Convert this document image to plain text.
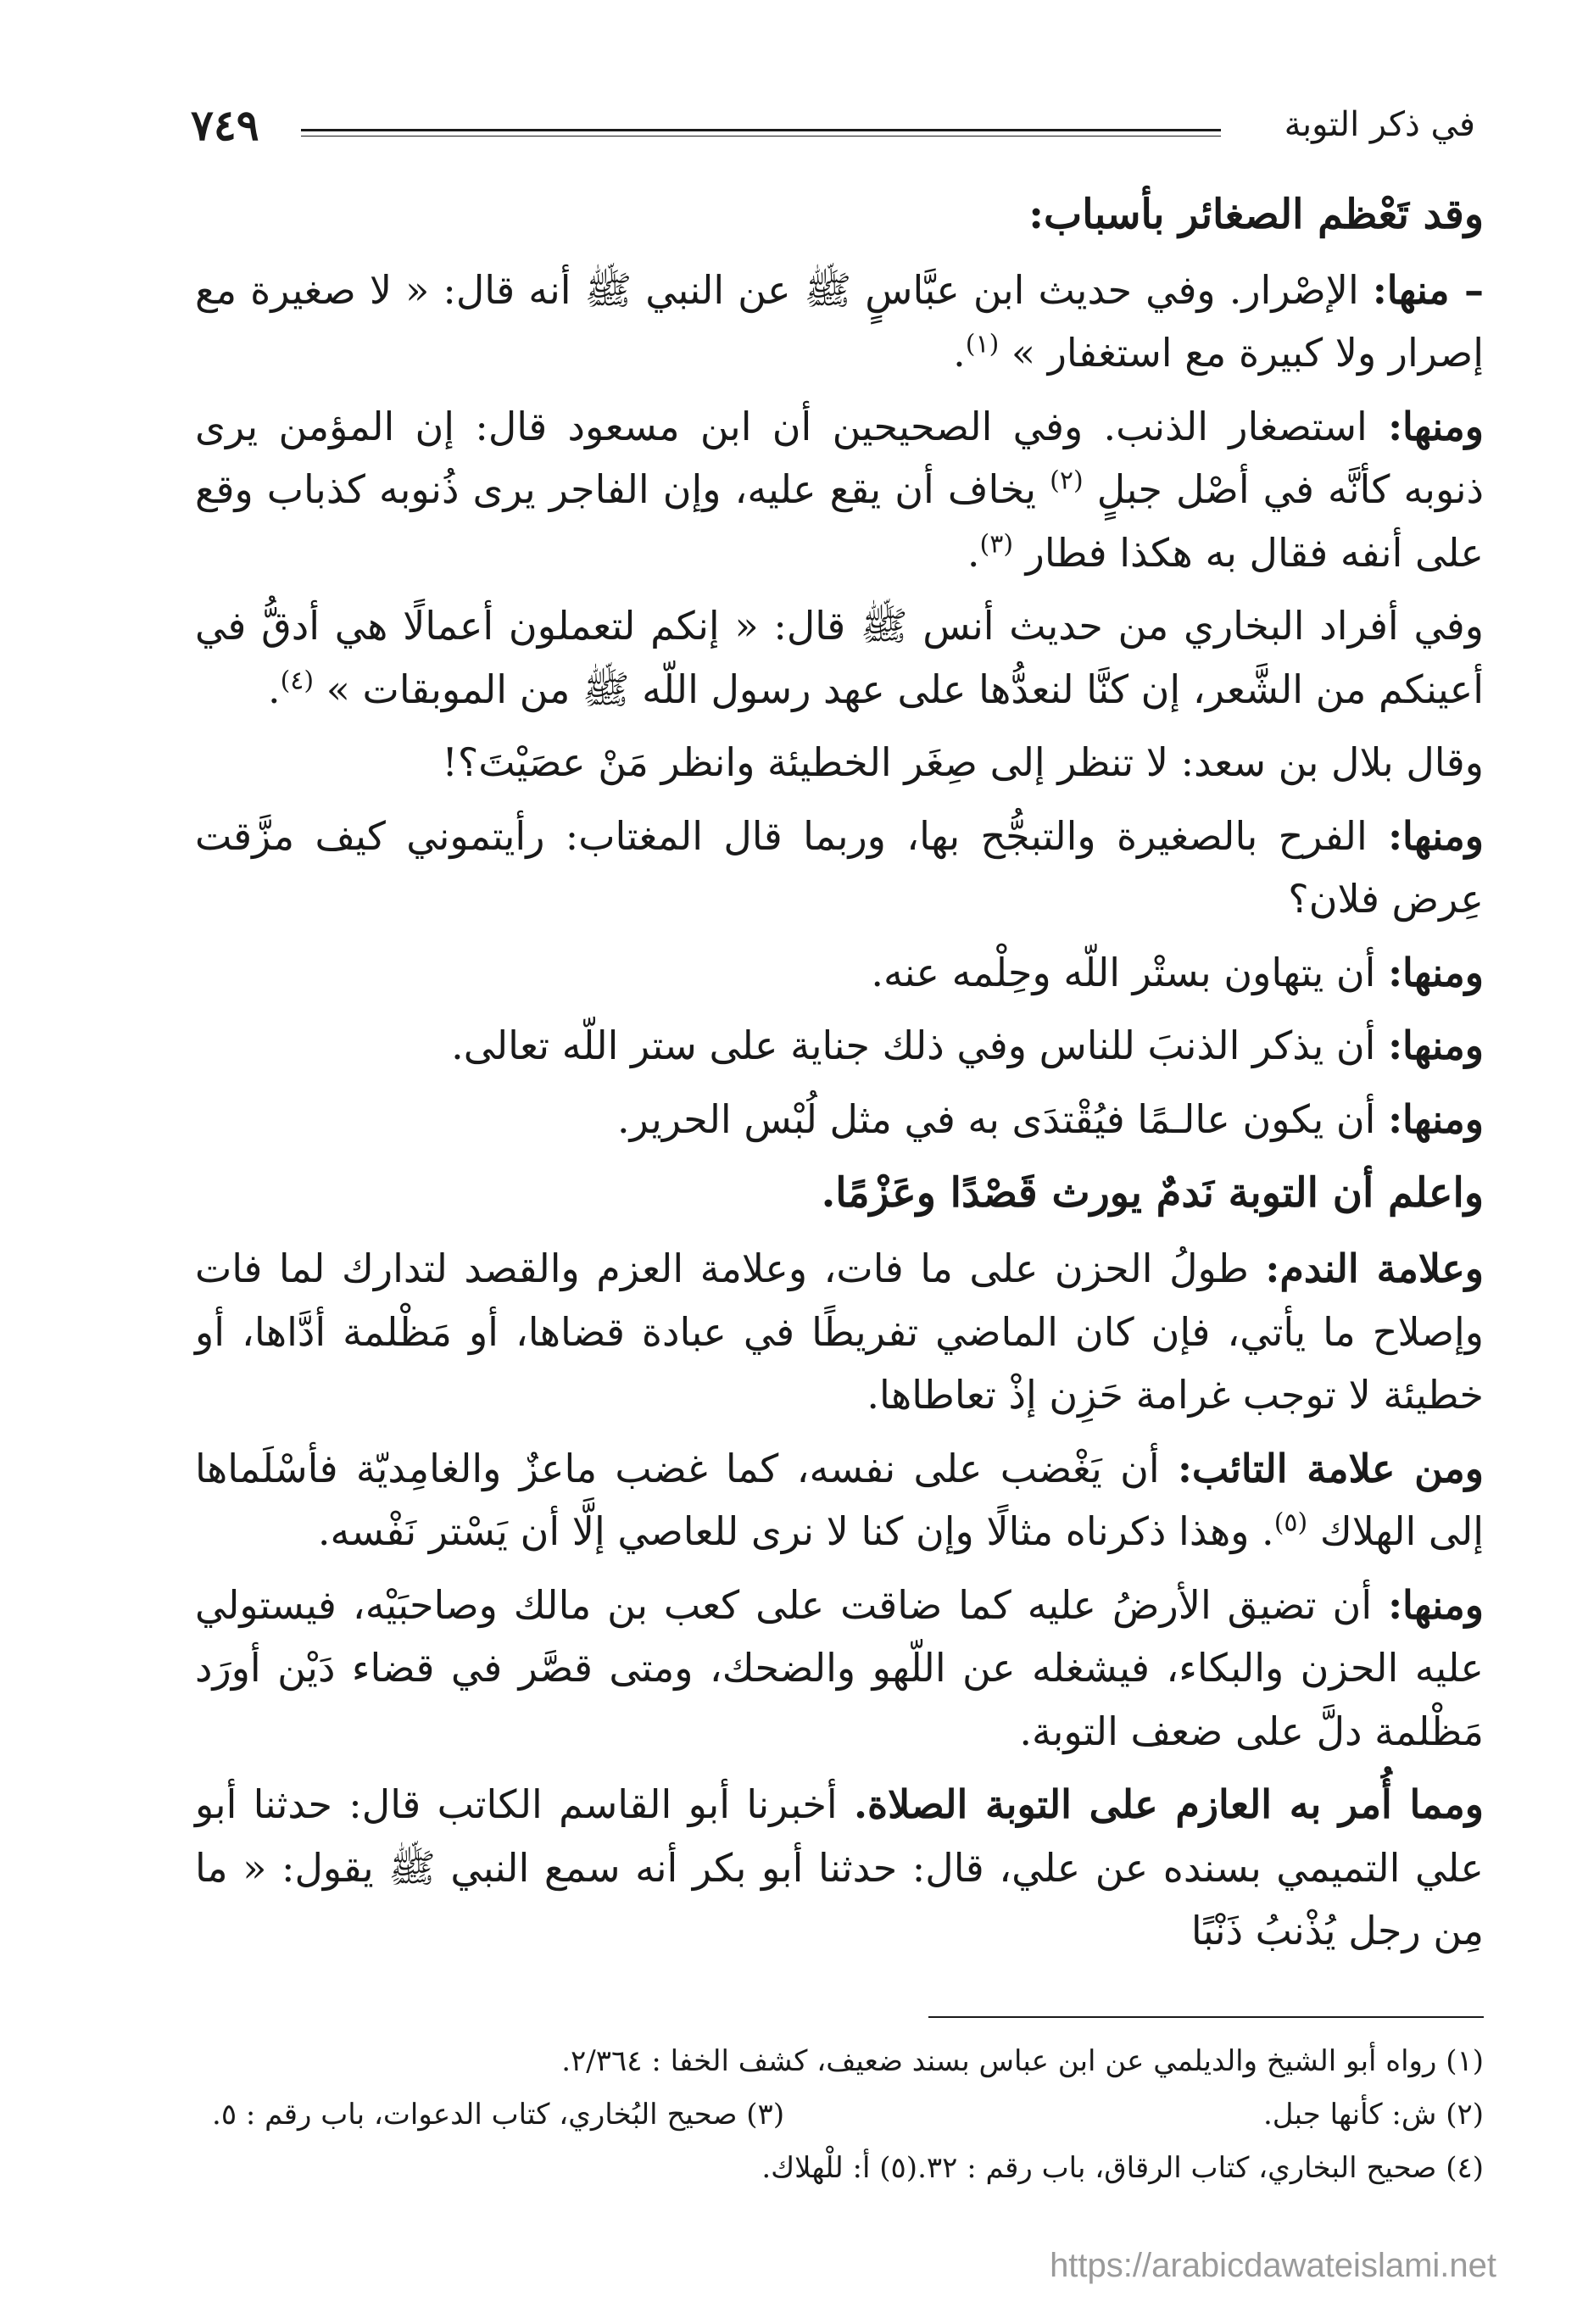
٧٤٩	في ذكر التوبة

وقد تَعْظم الصغائر بأسباب:

– منها: الإصْرار. وفي حديث ابن عبَّاسٍ ﷺ عن النبي ﷺ أنه قال: « لا صغيرة مع إصرار ولا كبيرة مع استغفار » $^{(١)}$.

ومنها: استصغار الذنب. وفي الصحيحين أن ابن مسعود قال: إن المؤمن يرى ذنوبه كأنَّه في أصْل جبلٍ $^{(٢)}$ يخاف أن يقع عليه، وإن الفاجر يرى ذُنوبه كذباب وقع على أنفه فقال به هكذا فطار $^{(٣)}$.

وفي أفراد البخاري من حديث أنس ﷺ قال: « إنكم لتعملون أعمالًا هي أدقُّ في أعينكم من الشَّعر، إن كنَّا لنعدُّها على عهد رسول اللّه ﷺ من الموبقات » $^{(٤)}$.

وقال بلال بن سعد: لا تنظر إلى صِغَر الخطيئة وانظر مَنْ عصَيْتَ؟!

ومنها: الفرح بالصغيرة والتبجُّح بها، وربما قال المغتاب: رأيتموني كيف مزَّقت عِرض فلان؟

ومنها: أن يتهاون بستْر اللّه وحِلْمه عنه.

ومنها: أن يذكر الذنبَ للناس وفي ذلك جناية على ستر اللّه تعالى.

ومنها: أن يكون عالـمًا فيُقْتدَى به في مثل لُبْس الحرير.

واعلم أن التوبة نَدمٌ يورث قَصْدًا وعَزْمًا.

وعلامة الندم: طولُ الحزن على ما فات، وعلامة العزم والقصد لتدارك لما فات وإصلاح ما يأتي، فإن كان الماضي تفريطًا في عبادة قضاها، أو مَظْلمة أدَّاها، أو خطيئة لا توجب غرامة حَزِن إذْ تعاطاها.

ومن علامة التائب: أن يَغْضب على نفسه، كما غضب ماعزٌ والغامِديّة فأسْلَماها إلى الهلاك $^{(٥)}$. وهذا ذكرناه مثالًا وإن كنا لا نرى للعاصي إلَّا أن يَسْتر نَفْسه.

ومنها: أن تضيق الأرضُ عليه كما ضاقت على كعب بن مالك وصاحبَيْه، فيستولي عليه الحزن والبكاء، فيشغله عن اللّهو والضحك، ومتى قصَّر في قضاء دَيْن أورَد مَظْلمة دلَّ على ضعف التوبة.

ومما أُمر به العازم على التوبة الصلاة. أخبرنا أبو القاسم الكاتب قال: حدثنا أبو علي التميمي بسنده عن علي، قال: حدثنا أبو بكر أنه سمع النبي ﷺ يقول: « ما مِن رجل يُذْنبُ ذَنْبًا

(١) رواه أبو الشيخ والديلمي عن ابن عباس بسند ضعيف، كشف الخفا : ٢/٣٦٤.
(٢) ش: كأنها جبل.
(٣) صحيح البُخاري، كتاب الدعوات، باب رقم : ٥.
(٤) صحيح البخاري، كتاب الرقاق، باب رقم : ٣٢.
(٥) أ: للْهلاك.
https://arabicdawateislami.net
